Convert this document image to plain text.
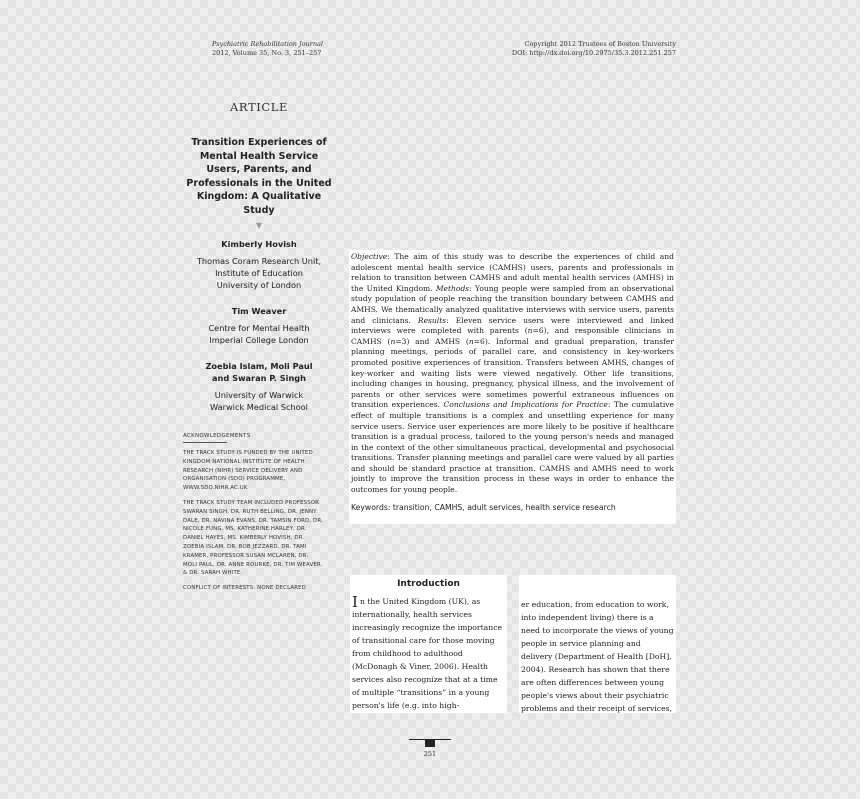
Psychiatric Rehabilitation Journal
2012, Volume 35, No. 3, 251–257
Copyright 2012 Trustees of Boston University
DOI: http://dx.doi.org/10.2975/35.3.2012.251.257
ARTICLE
Transition Experiences of Mental Health Service Users, Parents, and Professionals in the United Kingdom: A Qualitative Study
▼
Kimberly Hovish
Thomas Coram Research Unit,
Institute of Education
University of London
Tim Weaver
Centre for Mental Health
Imperial College London
Zoebia Islam, Moli Paul and Swaran P. Singh
University of Warwick
Warwick Medical School
ACKNOWLEDGEMENTS

THE TRACK STUDY IS FUNDED BY THE UNITED KINGDOM NATIONAL INSTITUTE OF HEALTH RESEARCH (NIHR) SERVICE DELIVERY AND ORGANISATION (SDO) PROGRAMME, WWW.SDO.NIHR.AC.UK

THE TRACK STUDY TEAM INCLUDED PROFESSOR SWARAN SINGH, DR. RUTH BELLING, DR. JENNY DALE, DR. NAVINA EVANS, DR. TAMSIN FORD, DR. NICOLE FUNG, MS. KATHERINE HARLEY, DR. DANIEL HAYES, MS. KIMBERLY HOVISH, DR. ZOEBIA ISLAM, DR. BOB JEZZARD, DR. TAMI KRAMER, PROFESSOR SUSAN MCLAREN, DR. MOLI PAUL, DR. ANNE ROURKE, DR. TIM WEAVER, & DR. SARAH WHITE.

CONFLICT OF INTERESTS: NONE DECLARED

Objective: The aim of this study was to describe the experiences of child and adolescent mental health service (CAMHS) users, parents and professionals in relation to transition between CAMHS and adult mental health services (AMHS) in the United Kingdom. Methods: Young people were sampled from an observational study population of people reaching the transition boundary between CAMHS and AMHS. We thematically analyzed qualitative interviews with service users, parents and clinicians. Results: Eleven service users were interviewed and linked interviews were completed with parents (n=6), and responsible clinicians in CAMHS (n=3) and AMHS (n=6). Informal and gradual preparation, transfer planning meetings, periods of parallel care, and consistency in key-workers promoted positive experiences of transition. Transfers between AMHS, changes of key-worker and waiting lists were viewed negatively. Other life transitions, including changes in housing, pregnancy, physical illness, and the involvement of parents or other services were sometimes powerful extraneous influences on transition experiences. Conclusions and Implications for Practice: The cumulative effect of multiple transitions is a complex and unsettling experience for many service users. Service user experiences are more likely to be positive if healthcare transition is a gradual process, tailored to the young person's needs and managed in the context of the other simultaneous practical, developmental and psychosocial transitions. Transfer planning meetings and parallel care were valued by all parties and should be standard practice at transition. CAMHS and AMHS need to work jointly to improve the transition process in these ways in order to enhance the outcomes for young people.

Keywords: transition, CAMHS, adult services, health service research
Introduction

In the United Kingdom (UK), as internationally, health services increasingly recognize the importance of transitional care for those moving from childhood to adulthood (McDonagh & Viner, 2006). Health services also recognize that at a time of multiple “transitions” in a young person's life (e.g. into high-

er education, from education to work, into independent living) there is a need to incorporate the views of young people in service planning and delivery (Department of Health [DoH], 2004). Research has shown that there are often differences between young people's views about their psychiatric problems and their receipt of services,

251
